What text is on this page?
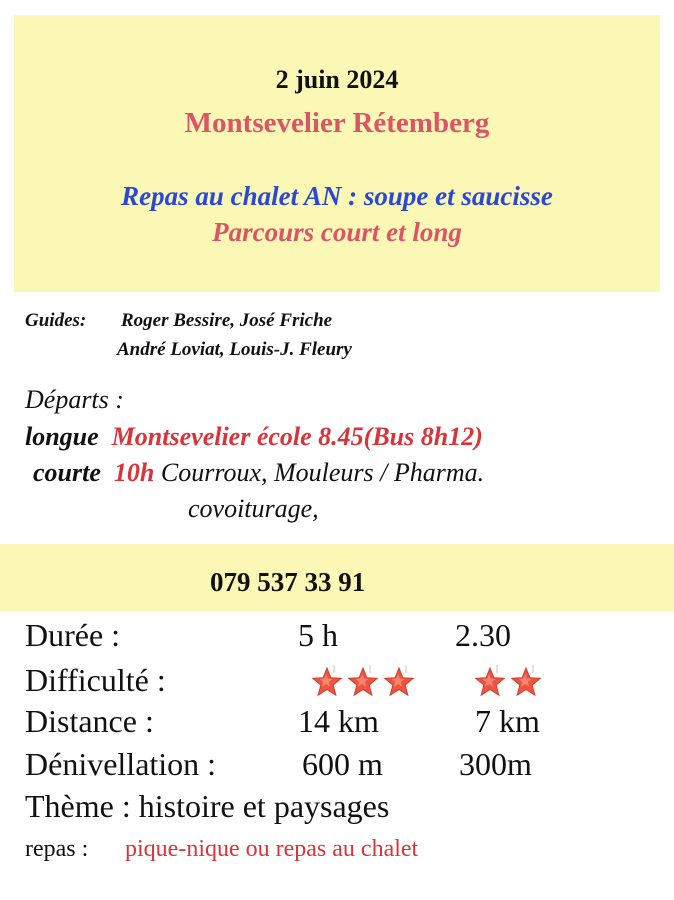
2 juin 2024
Montsevelier Rétemberg
Repas au chalet AN : soupe et saucisse
Parcours court et long
Guides: Roger Bessire, José Friche
André Loviat, Louis-J. Fleury
Départs :
longue Montsevelier école 8.45(Bus 8h12)
courte 10h Courroux, Mouleurs / Pharma.
covoiturage,
079 537 33 91
Durée :	5 h	2.30
Difficulté :
Distance :	14 km	7 km
Dénivellation :	600 m 300m
Thème : histoire et paysages
repas : pique-nique ou repas au chalet
